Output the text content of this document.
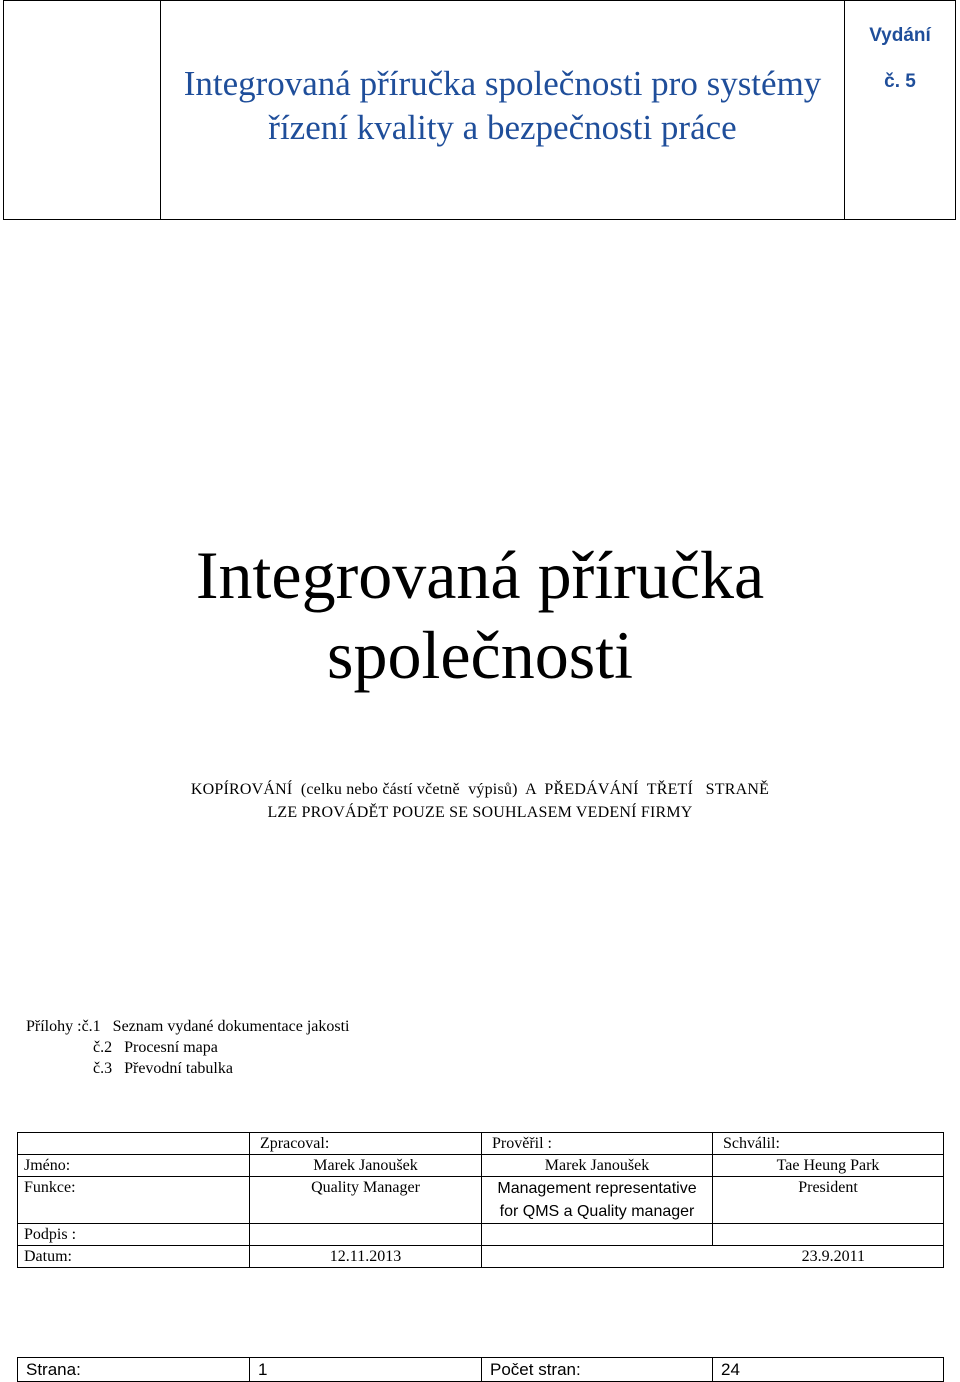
Integrovaná příručka společnosti pro systémy řízení kvality a bezpečnosti práce
Vydání
č. 5
Integrovaná příručka
společnosti
KOPÍROVÁNÍ  (celku nebo částí včetně  výpisů)  A  PŘEDÁVÁNÍ  TŘETÍ   STRANĚ
LZE PROVÁDĚT POUZE SE SOUHLASEM VEDENÍ FIRMY
Přílohy :č.1   Seznam vydané dokumentace jakosti
č.2   Procesní mapa
č.3   Převodní tabulka
	Zpracoval:	Prověřil :	Schválil:
Jméno:	Marek Janoušek	Marek Janoušek	Tae Heung Park
Funkce:	Quality Manager	Management representative for QMS a Quality manager	President
Podpis :			
Datum:	12.11.2013	23.9.2011	
Strana:	1	Počet stran:	24
